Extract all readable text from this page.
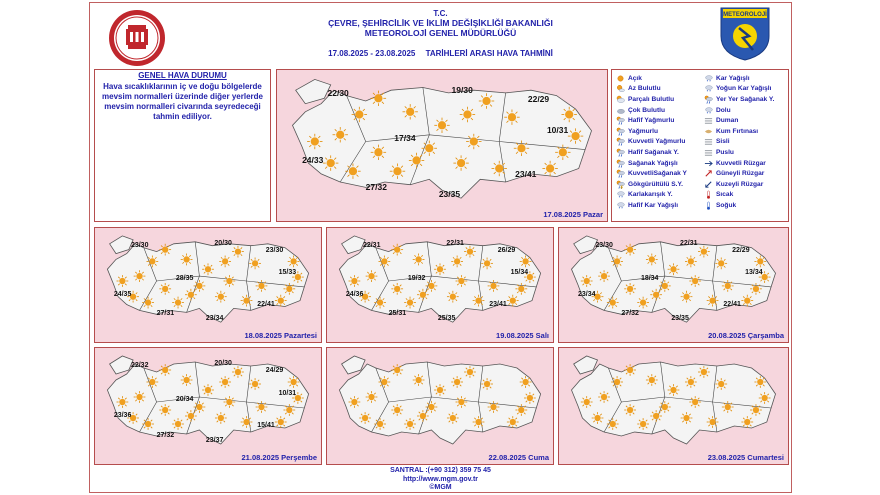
T.C.
ÇEVRE, ŞEHİRCİLİK VE İKLİM DEĞİŞİKLİĞİ BAKANLIĞI
METEOROLOJİ GENEL MÜDÜRLÜĞÜ
17.08.2025 - 23.08.2025 TARİHLERİ ARASI HAVA TAHMİNİ
METEOROLOJİ
GENEL HAVA DURUMU

Hava sıcaklıklarının iç ve doğu bölgelerde mevsim normalleri üzerinde diğer yerlerde mevsim normalleri civarında seyredeceği tahmin ediliyor.

Açık
Az Bulutlu
Parçalı Bulutlu
Çok Bulutlu
Hafif Yağmurlu
Yağmurlu
Kuvvetli Yağmurlu
Hafif Sağanak Y.
Sağanak Yağışlı
KuvvetliSağanak Y
Gökgürültülü S.Y.
* * Karlakarışık Y.
* * Hafif Kar Yağışlı
* * Kar Yağışlı
* * Yoğun Kar Yağışlı
Yer Yer Sağanak Y.
* * Dolu
Duman
Kum Fırtınası
Sisli
Puslu
Kuvvetli Rüzgar
Güneyli Rüzgar
Kuzeyli Rüzgar
Sıcak
Soğuk
22/30	19/30
22/29
10/31
17/34
24/33
23/41
27/32
23/35
17.08.2025 Pazar
23/30	20/30
23/30
15/33
28/35
24/35
22/41
27/31
23/34
18.08.2025 Pazartesi
22/31	22/31
26/29
15/34
19/32
24/36
23/41
25/31
25/35
19.08.2025 Salı
23/30	22/31
22/29
13/34
18/34
23/34
22/41
27/32
23/35
20.08.2025 Çarşamba
22/32	20/30
24/29
10/31
20/34
23/36
15/41
27/32
23/37
21.08.2025 Perşembe	22.08.2025 Cuma	23.08.2025 Cumartesi
SANTRAL :(+90 312) 359 75 45
http://www.mgm.gov.tr
©MGM
